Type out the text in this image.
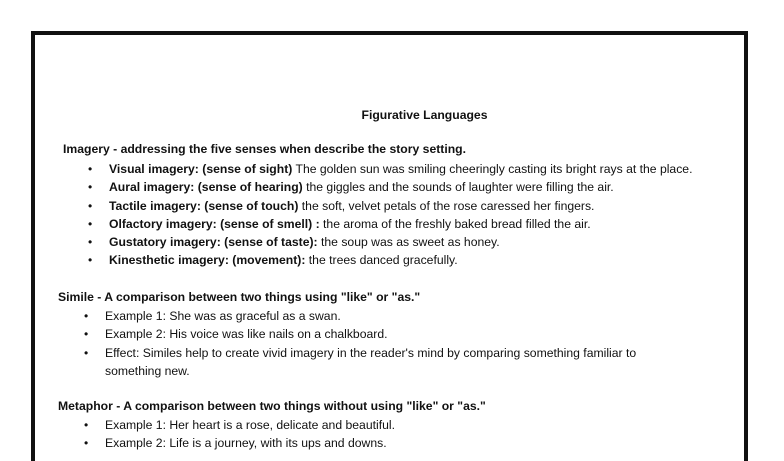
Figurative Languages
Imagery - addressing the five senses when describe the story setting.
• Visual imagery: (sense of sight) The golden sun was smiling cheeringly casting its bright rays at the place.
• Aural imagery: (sense of hearing) the giggles and the sounds of laughter were filling the air.
• Tactile imagery: (sense of touch) the soft, velvet petals of the rose caressed her fingers.
• Olfactory imagery: (sense of smell) : the aroma of the freshly baked bread filled the air.
• Gustatory imagery: (sense of taste): the soup was as sweet as honey.
• Kinesthetic imagery: (movement): the trees danced gracefully.
Simile - A comparison between two things using "like" or "as."
• Example 1: She was as graceful as a swan.
• Example 2: His voice was like nails on a chalkboard.
• Effect: Similes help to create vivid imagery in the reader's mind by comparing something familiar to something new.
Metaphor - A comparison between two things without using "like" or "as."
• Example 1: Her heart is a rose, delicate and beautiful.
• Example 2: Life is a journey, with its ups and downs.
